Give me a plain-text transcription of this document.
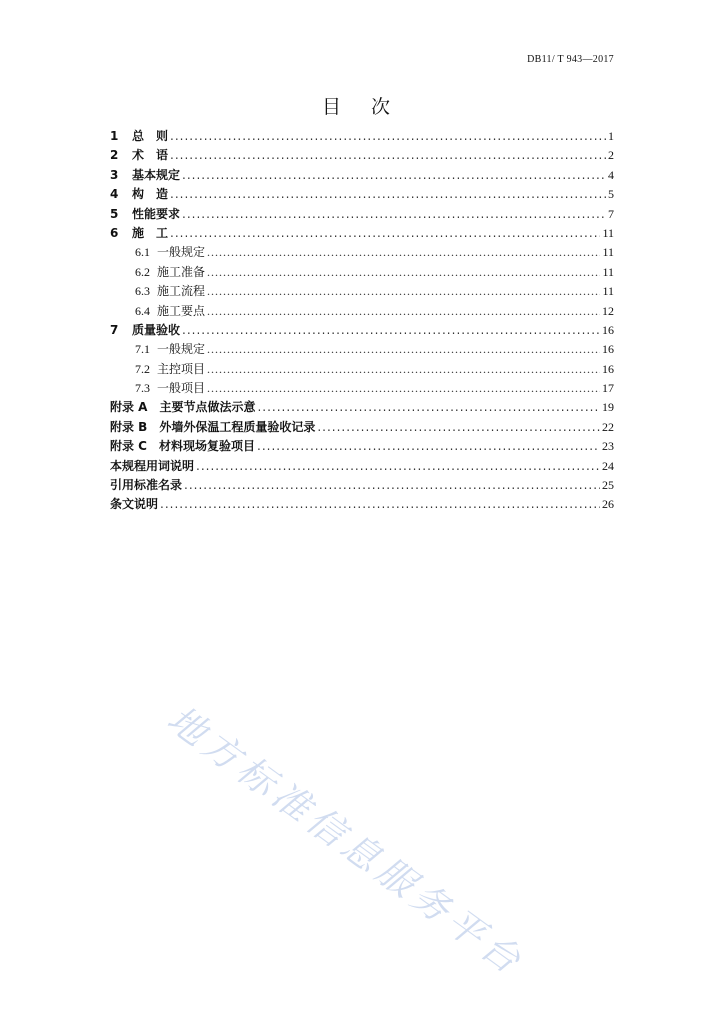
DB11/ T 943—2017
目 次
1	总　则 .....	1
2	术　语 .....	2
3	基本规定 .....	4
4	构　造 .....	5
5	性能要求 .....	7
6	施　工 .....	11
6.1 一般规定 .....	11
6.2 施工准备 .....	11
6.3 施工流程 .....	11
6.4 施工要点 .....	12
7	质量验收 .....	16
7.1 一般规定 .....	16
7.2 主控项目 .....	16
7.3 一般项目 .....	17
附录 A 主要节点做法示意 .....	19
附录 B 外墙外保温工程质量验收记录 .....	22
附录 C 材料现场复验项目 .....	23
本规程用词说明 .....	24
引用标准名录 .....	25
条文说明 .....	26
地方标准信息服务平台
